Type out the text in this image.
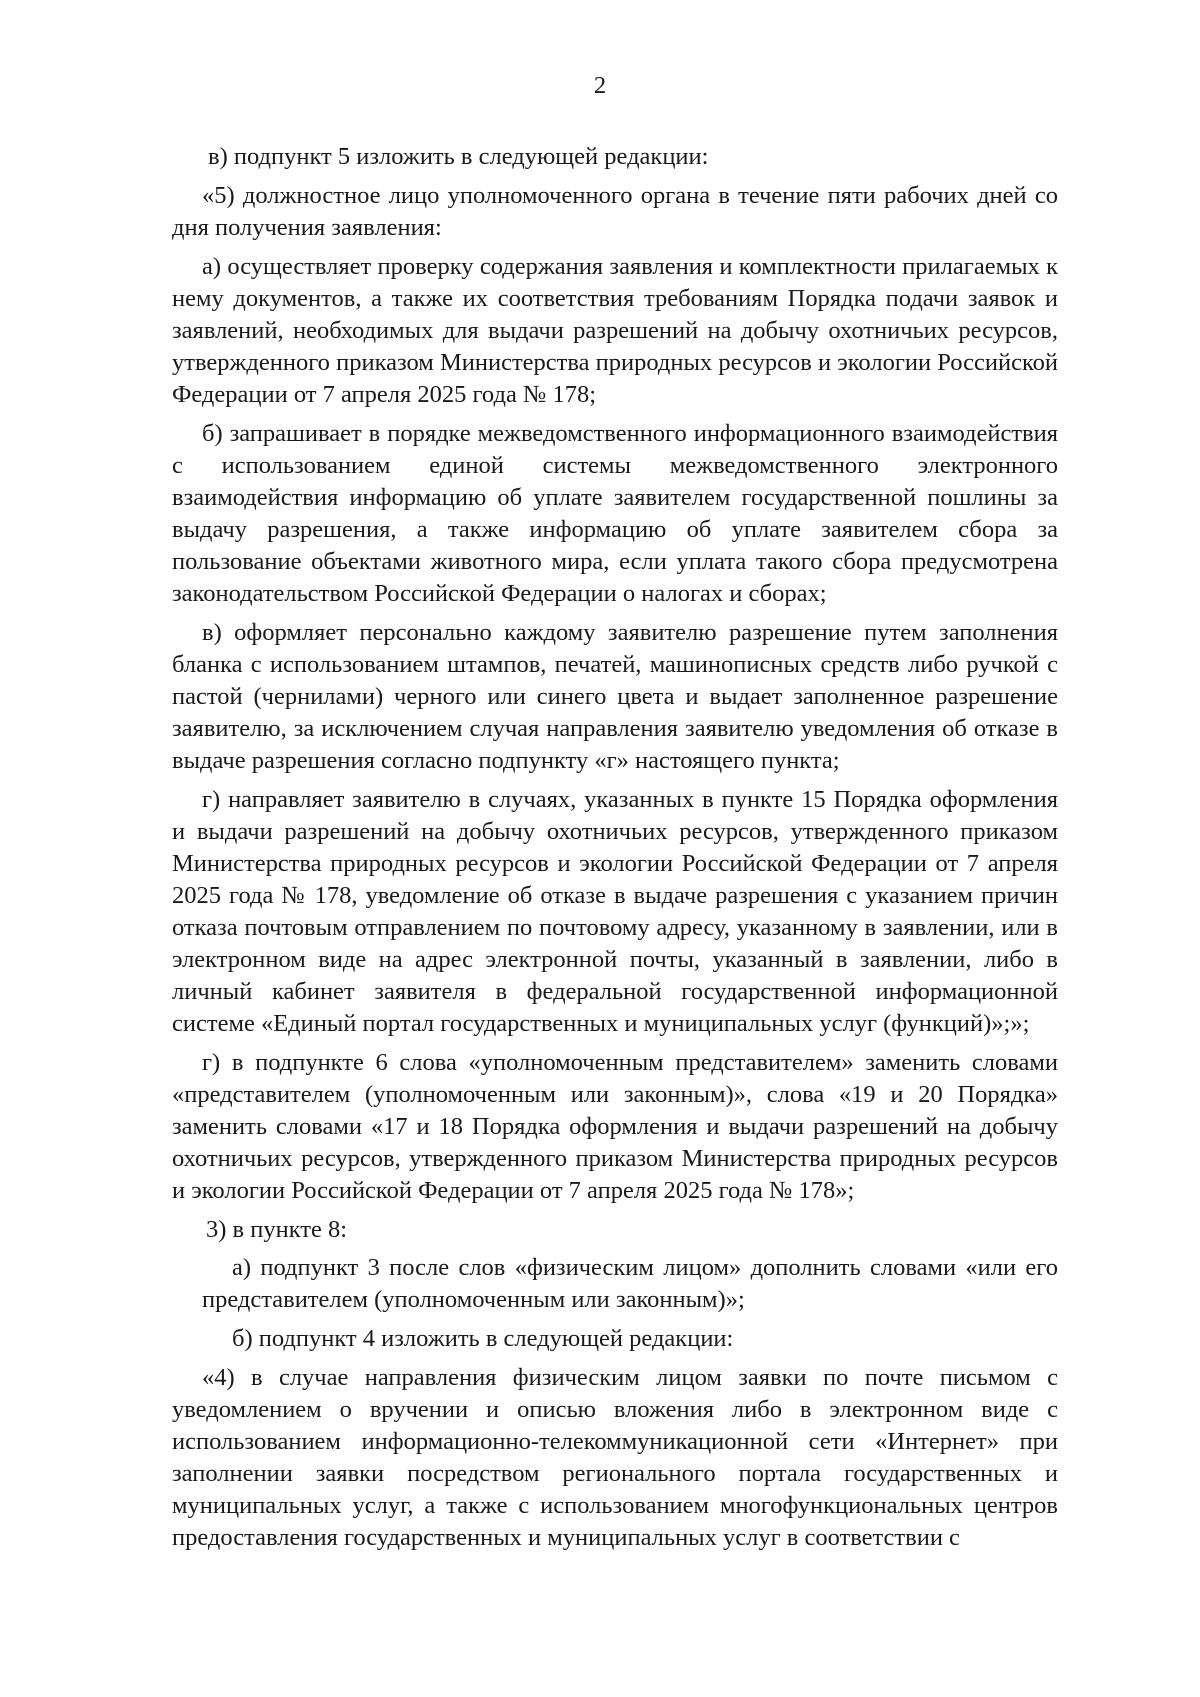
2

в) подпункт 5 изложить в следующей редакции:

«5) должностное лицо уполномоченного органа в течение пяти рабочих дней со дня получения заявления:

а) осуществляет проверку содержания заявления и комплектности прилагаемых к нему документов, а также их соответствия требованиям Порядка подачи заявок и заявлений, необходимых для выдачи разрешений на добычу охотничьих ресурсов, утвержденного приказом Министерства природных ресурсов и экологии Российской Федерации от 7 апреля 2025 года № 178;

б) запрашивает в порядке межведомственного информационного взаимодействия с использованием единой системы межведомственного электронного взаимодействия информацию об уплате заявителем государственной пошлины за выдачу разрешения, а также информацию об уплате заявителем сбора за пользование объектами животного мира, если уплата такого сбора предусмотрена законодательством Российской Федерации о налогах и сборах;

в) оформляет персонально каждому заявителю разрешение путем заполнения бланка с использованием штампов, печатей, машинописных средств либо ручкой с пастой (чернилами) черного или синего цвета и выдает заполненное разрешение заявителю, за исключением случая направления заявителю уведомления об отказе в выдаче разрешения согласно подпункту «г» настоящего пункта;

г) направляет заявителю в случаях, указанных в пункте 15 Порядка оформления и выдачи разрешений на добычу охотничьих ресурсов, утвержденного приказом Министерства природных ресурсов и экологии Российской Федерации от 7 апреля 2025 года № 178, уведомление об отказе в выдаче разрешения с указанием причин отказа почтовым отправлением по почтовому адресу, указанному в заявлении, или в электронном виде на адрес электронной почты, указанный в заявлении, либо в личный кабинет заявителя в федеральной государственной информационной системе «Единый портал государственных и муниципальных услуг (функций)»;»;

г) в подпункте 6 слова «уполномоченным представителем» заменить словами «представителем (уполномоченным или законным)», слова «19 и 20 Порядка» заменить словами «17 и 18 Порядка оформления и выдачи разрешений на добычу охотничьих ресурсов, утвержденного приказом Министерства природных ресурсов и экологии Российской Федерации от 7 апреля 2025 года № 178»;

3) в пункте 8:

а) подпункт 3 после слов «физическим лицом» дополнить словами «или его представителем (уполномоченным или законным)»;

б) подпункт 4 изложить в следующей редакции:

«4) в случае направления физическим лицом заявки по почте письмом с уведомлением о вручении и описью вложения либо в электронном виде с использованием информационно-телекоммуникационной сети «Интернет» при заполнении заявки посредством регионального портала государственных и муниципальных услуг, а также с использованием многофункциональных центров предоставления государственных и муниципальных услуг в соответствии с
